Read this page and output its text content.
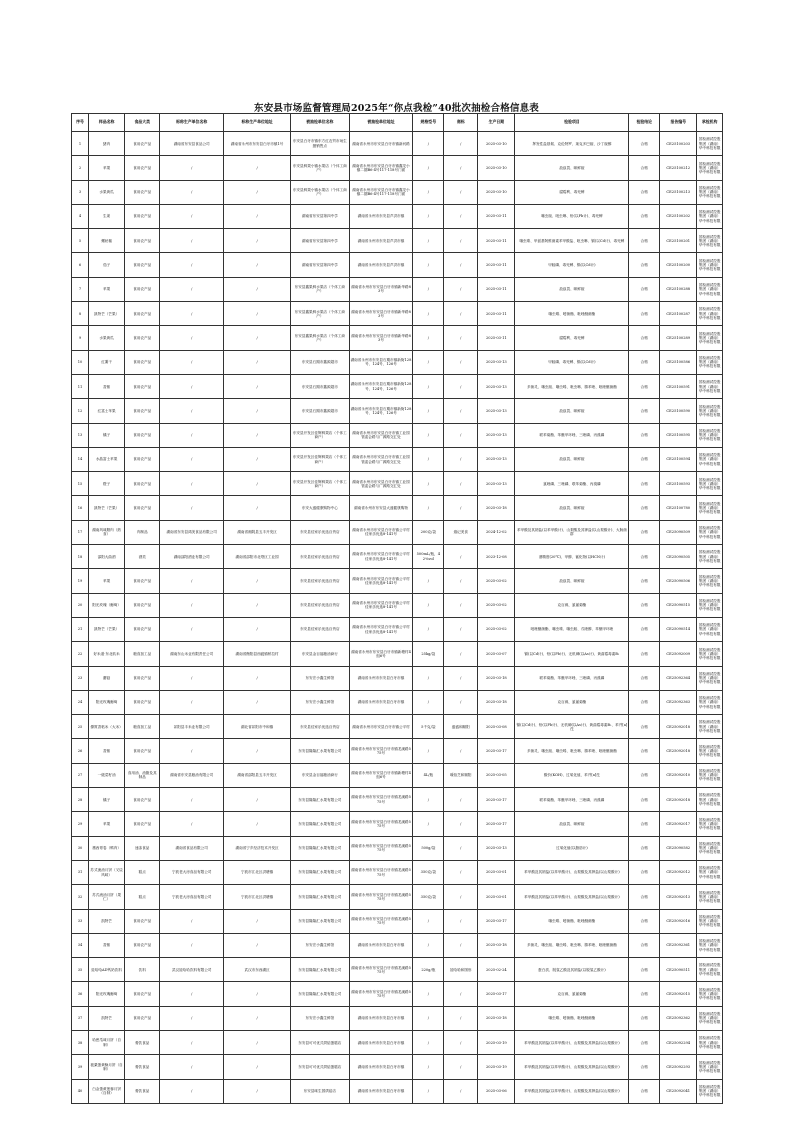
东安县市场监督管理局2025年“你点我检”40批次抽检合格信息表
序号	样品名称	食品大类	标称生产单位名称	标称生产单位地址	被抽检单位名称	被抽检单位地址	规格型号	商标	生产日期	检验项目	检验结论	报告编号	承检机构
1	猪肉	食用农产品	湖南省东安县食品公司	湖南省永州市东安县白牙市镇1号	东安县白牙市镇东方红农贸市场生猪销售点	湖南省永州市东安县白牙市镇新河路	/	/	2025-03-10	挥发性盐基氮、克伦特罗、莱克多巴胺、沙丁胺醇	合格	CE25100203	国检测试控股集团（湖南）华中科技有限
2	苹果	食用农产品	/	/	东安县鲜果小镇水果店（个体工商户）	湖南省永州市东安县白牙市镇鑫龙小镇二期B6-4号117-118号门面	/	/	2025-03-10	敌敌畏、咪鲜胺	合格	CE25100212	国检测试控股集团（湖南）华中科技有限
3	水果黄瓜	食用农产品	/	/	东安县鲜果小镇水果店（个体工商户）	湖南省永州市东安县白牙市镇鑫龙小镇二期B6-4号117-118号门面	/	/	2025-03-10	腐霉利、毒死蜱	合格	CE25100213	国检测试控股集团（湖南）华中科技有限
4	生姜	食用农产品	/	/	湖南省东安县第四中学	湖南省永州市东安县芦洪市镇	/	/	2025-03-11	噻虫胺、吡虫啉、铅(以Pb计)、毒死蜱	合格	CE25100202	国检测试控股集团（湖南）华中科技有限
5	螺丝椒	食用农产品	/	/	湖南省东安县第四中学	湖南省永州市东安县芦洪市镇	/	/	2025-03-11	噻虫嗪、甲氨基阿维菌素苯甲酸盐、吡虫啉、镉(以Cd计)、毒死蜱	合格	CE25100201	国检测试控股集团（湖南）华中科技有限
6	茄子	食用农产品	/	/	湖南省东安县第四中学	湖南省永州市东安县芦洪市镇	/	/	2025-03-11	甲胺磷、毒死蜱、镉(以Cd计)	合格	CE25100200	国检测试控股集团（湖南）华中科技有限
7	苹果	食用农产品	/	/	东安县鑫果鲜水果店（个体工商户）	湖南省永州市东安县白牙市镇新华路83号	/	/	2025-03-11	敌敌畏、咪鲜胺	合格	CE25100288	国检测试控股集团（湖南）华中科技有限
8	凯特芒（芒果）	食用农产品	/	/	东安县鑫果鲜水果店（个体工商户）	湖南省永州市东安县白牙市镇新华路83号	/	/	2025-03-11	噻虫嗪、嘧菌酯、吡唑醚菌酯	合格	CE25100287	国检测试控股集团（湖南）华中科技有限
9	水果黄瓜	食用农产品	/	/	东安县鑫果鲜水果店（个体工商户）	湖南省永州市东安县白牙市镇新华路83号	/	/	2025-03-11	腐霉利、毒死蜱	合格	CE25100289	国检测试控股集团（湖南）华中科技有限
10	红薯干	食用农产品	/	/	东安县石期市鑫源超市	湖南省永州市东安县石期市镇新街128号、124号、126号	/	/	2025-03-13	甲胺磷、毒死蜱、镉(以Cd计)	合格	CE25100586	国检测试控股集团（湖南）华中科技有限
11	香蕉	食用农产品	/	/	东安县石期市鑫源超市	湖南省永州市东安县石期市镇新街128号、124号、126号	/	/	2025-03-13	多菌灵、噻虫胺、噻虫嗪、吡虫啉、腈苯唑、吡唑醚菌酯	合格	CE25100591	国检测试控股集团（湖南）华中科技有限
12	红富士苹果	食用农产品	/	/	东安县石期市鑫源超市	湖南省永州市东安县石期市镇新街128号、124号、126号	/	/	2025-03-13	敌敌畏、咪鲜胺	合格	CE25100590	国检测试控股集团（湖南）华中科技有限
13	橘子	食用农产品	/	/	东安县开发区佳辉鲜果店（个体工商户）	湖南省永州市东安县白牙市镇工业园管委会路与广源路交汇处	/	/	2025-03-13	联苯菊酯、苯醚甲环唑、三唑磷、丙溴磷	合格	CE25100595	国检测试控股集团（湖南）华中科技有限
14	水晶富士苹果	食用农产品	/	/	东安县开发区佳辉鲜果店（个体工商户）	湖南省永州市东安县白牙市镇工业园管委会路与广源路交汇处	/	/	2025-03-13	敌敌畏、咪鲜胺	合格	CE25100594	国检测试控股集团（湖南）华中科技有限
15	橙子	食用农产品	/	/	东安县开发区佳辉鲜果店（个体工商户）	湖南省永州市东安县白牙市镇工业园管委会路与广源路交汇处	/	/	2025-03-13	氯唑磷、三唑磷、联苯菊酯、丙溴磷	合格	CE25100593	国检测试控股集团（湖南）华中科技有限
16	凯特芒（芒果）	食用农产品	/	/	东安大盛健康购物中心	湖南省永州市东安县大盛健康购物	/	/	2025-03-18	敌敌畏、咪鲜胺	合格	CE25100780	国检测试控股集团（湖南）华中科技有限
17	湖南风味腊肉（熟食）	肉制品	湖南省东安县鸿美食品有限公司	湖南省湘阴县五丰开发区	东安县佳家乐优选百货店	湖南省永州市东安县白牙市镇公平村佳家乐优选8-141号	200克/袋	熔记美食	2024-12-02	苯甲酸及其钠盐(以苯甲酸计)、山梨酸及其钾盐(以山梨酸计)、大肠菌群	合格	CE25090509	国检测试控股集团（湖南）华中科技有限
18	邵阳大曲酒	酒类	湖南邵阳酒业有限公司	湖南省邵阳市北塔区工业园	东安县佳家乐优选百货店	湖南省永州市东安县白牙市镇公平村佳家乐优选8-141号	500mL/瓶，42%vol	/	2023-12-08	酒精度(20℃)、甲醇、氰化物(以HCN计)	合格	CE25090505	国检测试控股集团（湖南）华中科技有限
19	苹果	食用农产品	/	/	东安县佳家乐优选百货店	湖南省永州市东安县白牙市镇公平村佳家乐优选8-141号	/	/	2025-03-02	敌敌畏、咪鲜胺	合格	CE25090506	国检测试控股集团（湖南）华中科技有限
20	阳光玫瑰（葡萄）	食用农产品	/	/	东安县佳家乐优选百货店	湖南省永州市东安县白牙市镇公平村佳家乐优选8-141号	/	/	2025-03-02	克百威、氯氰菊酯	合格	CE25090515	国检测试控股集团（湖南）华中科技有限
21	凯特芒（芒果）	食用农产品	/	/	东安县佳家乐优选百货店	湖南省永州市东安县白牙市镇公平村佳家乐优选8-141号	/	/	2025-03-02	吡唑醚菌酯、噻虫嗪、噻虫胺、戊唑醇、苯醚甲环唑	合格	CE25090514	国检测试控股集团（湖南）华中科技有限
22	好米道·东北软米	粮食加工品	湖南东山米业有限责任公司	湖南省衡阳县西渡镇桥拉村	东安县金百福粮油商行	湖南省永州市东安县白牙市镇新塘村4组6号	25kg/袋	/	2025-03-07	镉(以Cd计)、铅(以Pb计)、无机砷(以As计)、黄曲霉毒素B₁	合格	CE25092009	国检测试控股集团（湖南）华中科技有限
23	蘑菇	食用农产品	/	/	东安宏小鑫生鲜馆	湖南省永州市东安县白牙市镇	/	/	2025-03-18	联苯菊酯、苯醚甲环唑、三唑磷、丙溴磷	合格	CE25092364	国检测试控股集团（湖南）华中科技有限
24	阳光玫瑰葡萄	食用农产品	/	/	东安宏小鑫生鲜馆	湖南省永州市东安县白牙市镇	/	/	2025-03-18	克百威、氯氰菊酯	合格	CE25092363	国检测试控股集团（湖南）华中科技有限
25	優質香粘米（大米）	粮食加工品	祁阳县丰米业有限公司	湖北省祁阳市中和镇	东安县佳家乐优选百货店	湖南省永州市东安县白牙市镇公平村	5千克/袋	盛盛和顺阳	2025-03-08	镉(以Cd计)、铅(以Pb计)、无机砷(以As计)、黄曲霉毒素B₁、苯并[a]芘	合格	CE25092018	国检测试控股集团（湖南）华中科技有限
26	香蕉	食用农产品	/	/	东安县隆隆汇水果有限公司	湖南省永州市东安县白牙市镇龙溪路575号	/	/	2025-03-17	多菌灵、噻虫胺、噻虫嗪、吡虫啉、腈苯唑、吡唑醚菌酯	合格	CE25092018	国检测试控股集团（湖南）华中科技有限
27	一级菜籽油	食用油、油脂及其制品	湖南省东安县粮油有限公司	湖南省邵阳县五丰开发区	东安县金百福粮油商行	湖南省永州市东安县白牙市镇新塘村4组6号	4L/瓶	壕佰芝和顺阳	2025-03-05	酸价(KOH)、过氧化值、苯并[a]芘	合格	CE25092010	国检测试控股集团（湖南）华中科技有限
28	橘子	食用农产品	/	/	东安县隆隆汇水果有限公司	湖南省永州市东安县白牙市镇龙溪路575号	/	/	2025-03-17	联苯菊酯、苯醚甲环唑、三唑磷、丙溴磷	合格	CE25092018	国检测试控股集团（湖南）华中科技有限
29	苹果	食用农产品	/	/	东安县隆隆汇水果有限公司	湖南省永州市东安县白牙市镇龙溪路575号	/	/	2025-03-17	敌敌畏、咪鲜胺	合格	CE25092017	国检测试控股集团（湖南）华中科技有限
30	墨西哥卷（鸭肉）	速冻食品	湖南省食品有限公司	湖南省宁乡经济技术开发区	东安县隆隆汇水果有限公司	湖南省永州市东安县白牙市镇龙溪路575号	500g/袋	/	2025-03-13	过氧化值(以脂肪计)	合格	CE25090582	国检测试控股集团（湖南）华中科技有限
31	苏式流油月饼（叉烧风味）	糕点	宁波老大房食品有限公司	宁波市江北区洪塘镇	东安县隆隆汇水果有限公司	湖南省永州市东安县白牙市镇龙溪路575号	350克/袋	/	2025-03-01	苯甲酸及其钠盐(以苯甲酸计)、山梨酸及其钾盐(以山梨酸计)	合格	CE25092012	国检测试控股集团（湖南）华中科技有限
32	苏式流油月饼（果仁）	糕点	宁波老大房食品有限公司	宁波市江北区洪塘镇	东安县隆隆汇水果有限公司	湖南省永州市东安县白牙市镇龙溪路575号	350克/袋	/	2025-03-01	苯甲酸及其钠盐(以苯甲酸计)、山梨酸及其钾盐(以山梨酸计)	合格	CE25092013	国检测试控股集团（湖南）华中科技有限
33	凯特芒	食用农产品	/	/	东安县隆隆汇水果有限公司	湖南省永州市东安县白牙市镇龙溪路575号	/	/	2025-03-17	噻虫嗪、嘧菌酯、吡唑醚菌酯	合格	CE25092016	国检测试控股集团（湖南）华中科技有限
34	香蕉	食用农产品	/	/	东安宏小鑫生鲜馆	湖南省永州市东安县白牙市镇	/	/	2025-03-18	多菌灵、噻虫胺、噻虫嗪、吡虫啉、腈苯唑、吡唑醚菌酯	合格	CE25092361	国检测试控股集团（湖南）华中科技有限
35	娃哈哈AD钙奶饮料	饮料	武汉娃哈哈饮料有限公司	武汉市东西湖区	东安县隆隆汇水果有限公司	湖南省永州市东安县白牙市镇龙溪路575号	220g/瓶	娃哈哈和图形	2025-02-24	蛋白质、脱氢乙酸及其钠盐(以脱氢乙酸计)	合格	CE25090511	国检测试控股集团（湖南）华中科技有限
36	阳光玫瑰葡萄	食用农产品	/	/	东安县隆隆汇水果有限公司	湖南省永州市东安县白牙市镇龙溪路575号	/	/	2025-03-17	克百威、氯氰菊酯	合格	CE25092015	国检测试控股集团（湖南）华中科技有限
37	凯特芒	食用农产品	/	/	东安宏小鑫生鲜馆	湖南省永州市东安县白牙市镇	/	/	2025-03-18	噻虫嗪、嘧菌酯、吡唑醚菌酯	合格	CE25092362	国检测试控股集团（湖南）华中科技有限
38	哈密瓜味月饼（自制）	餐饮食品	/	/	东安县可可优式烘焙蛋糕店	湖南省永州市东安县白牙市镇	/	/	2025-03-19	苯甲酸及其钠盐(以苯甲酸计)、山梨酸及其钾盐(以山梨酸计)	合格	CE25092294	国检测试控股集团（湖南）华中科技有限
39	板栗蛋黄酥月饼（自制）	餐饮食品	/	/	东安县可可优式烘焙蛋糕店	湖南省永州市东安县白牙市镇	/	/	2025-03-19	苯甲酸及其钠盐(以苯甲酸计)、山梨酸及其钾盐(以山梨酸计)	合格	CE25092293	国检测试控股集团（湖南）华中科技有限
40	白金蛋黄莲蓉月饼（自制）	餐饮食品	/	/	东安县味生园烘焙店	湖南省永州市东安县白牙市镇	/	/	2025-03-06	苯甲酸及其钠盐(以苯甲酸计)、山梨酸及其钾盐(以山梨酸计)	合格	CE25092041	国检测试控股集团（湖南）华中科技有限
